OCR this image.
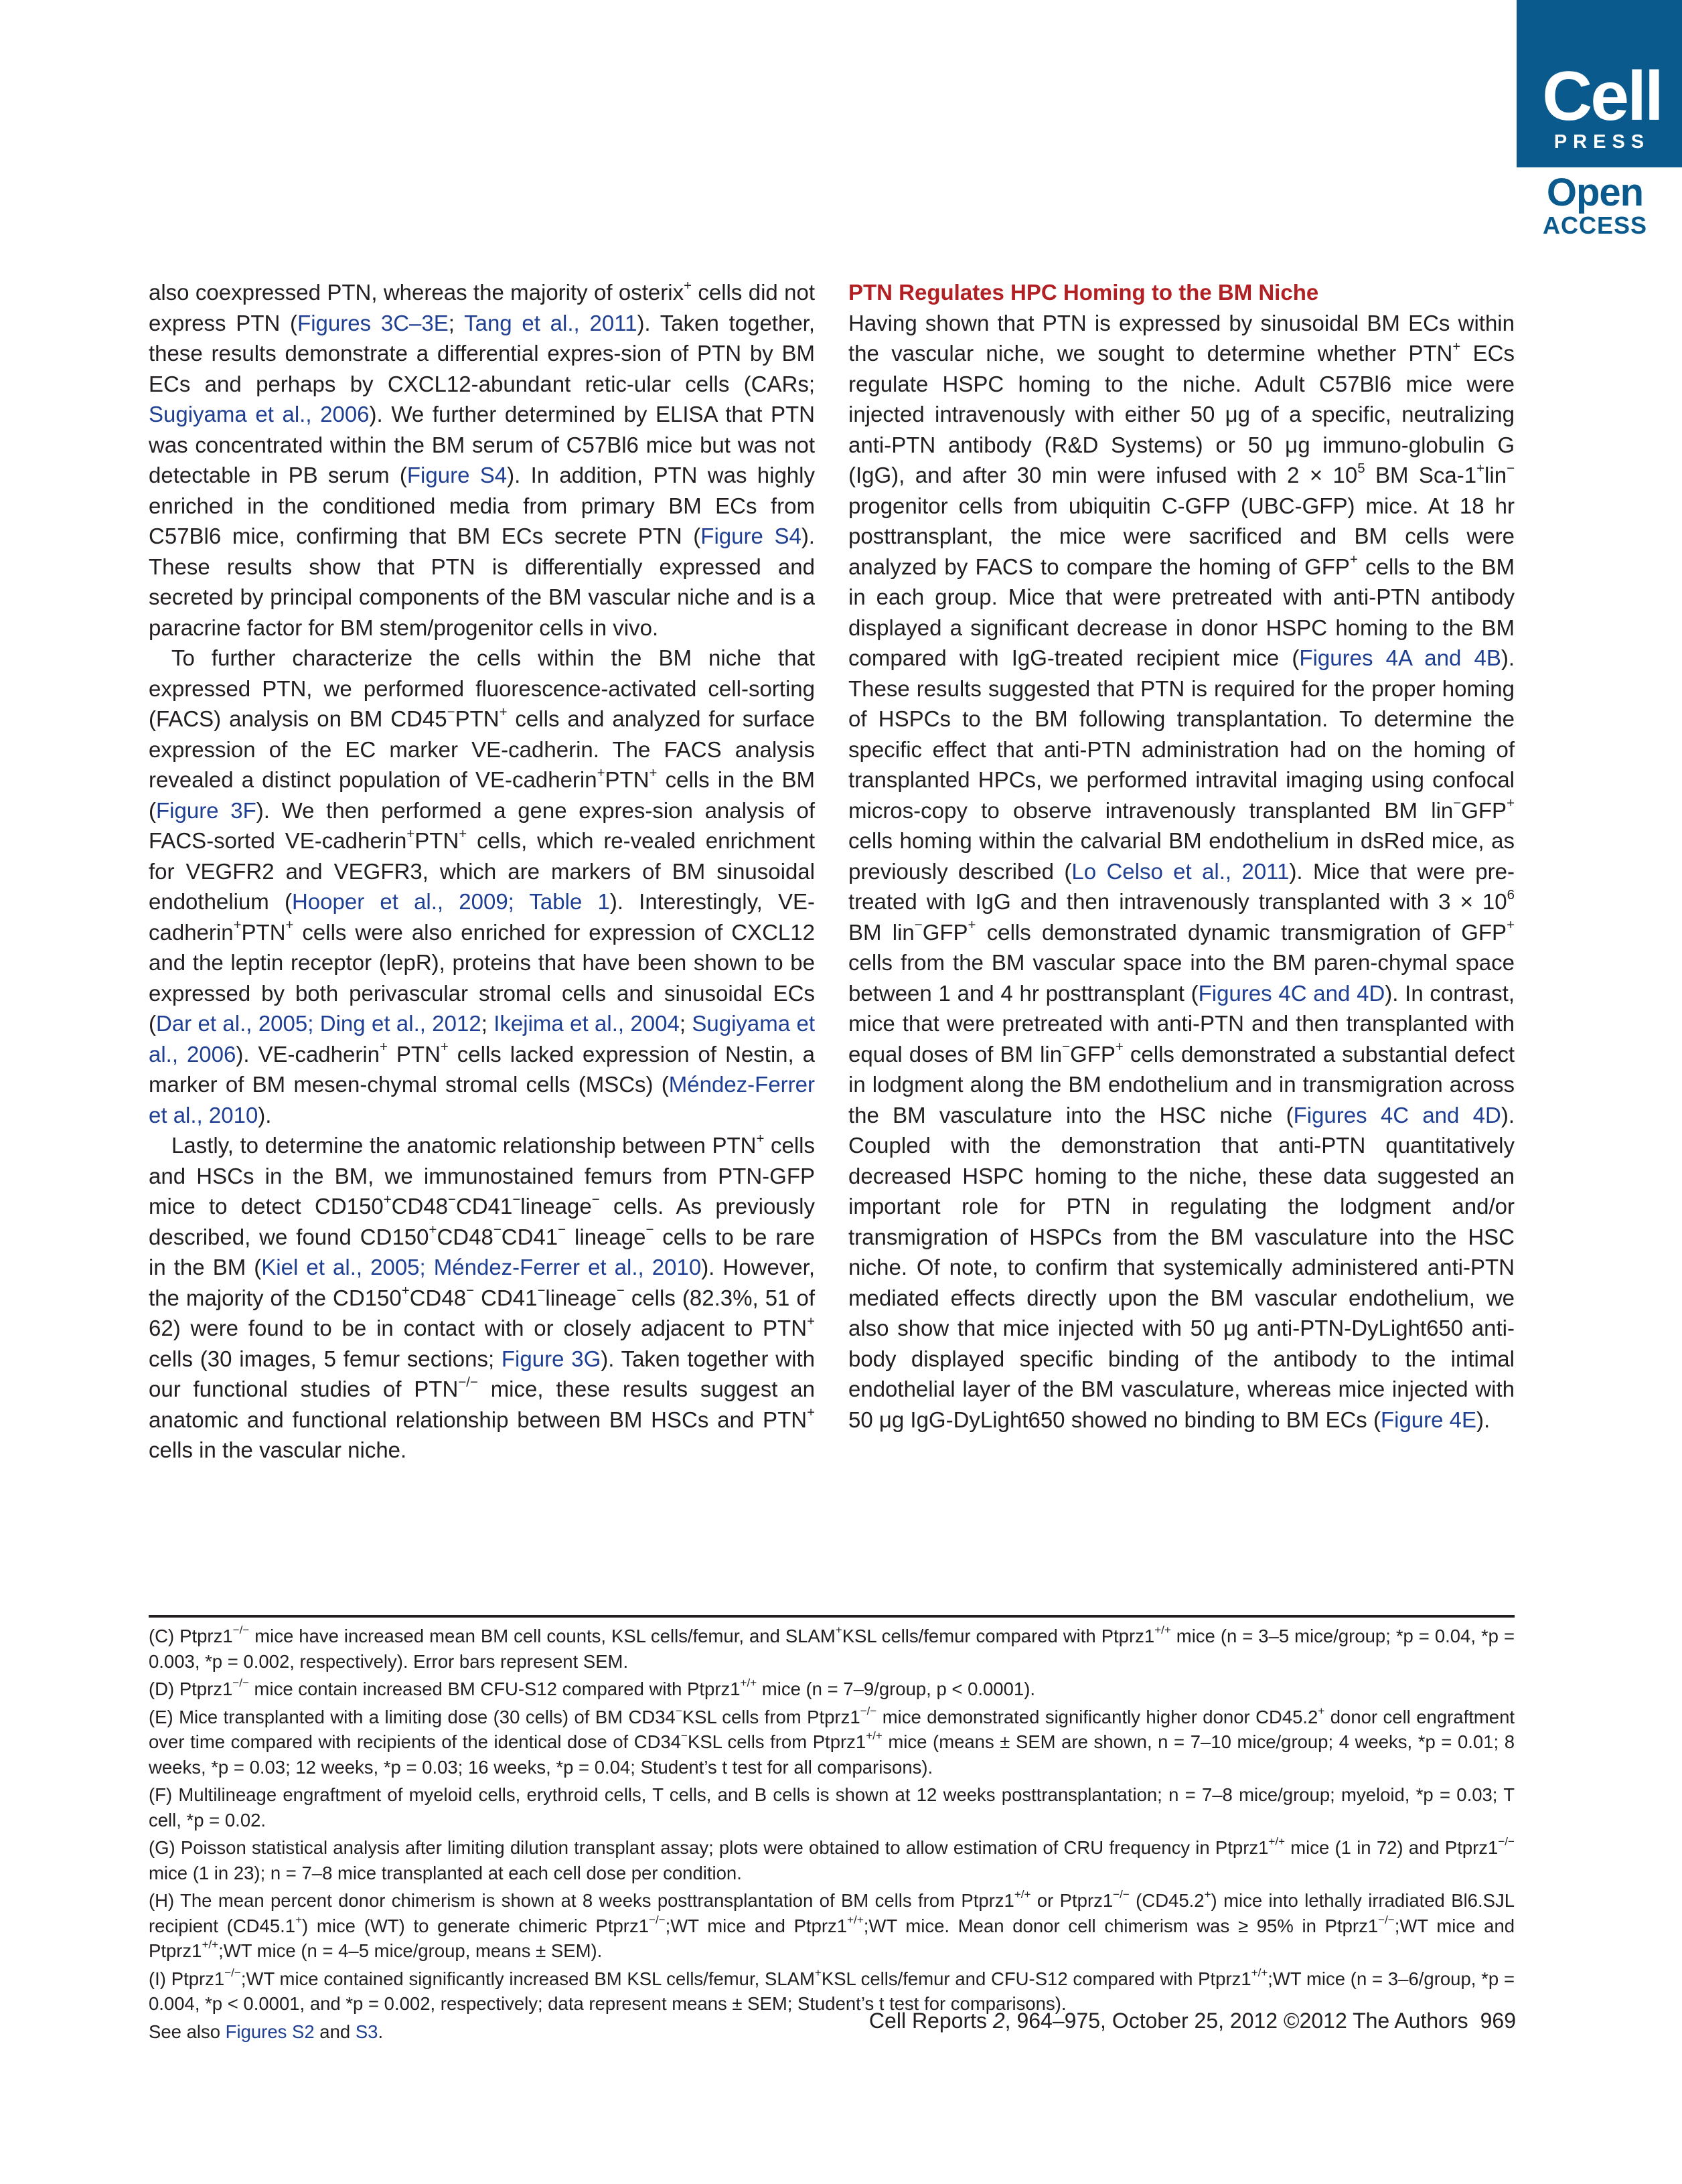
Cell
PRESS
Open
ACCESS

also coexpressed PTN, whereas the majority of osterix+ cells did not express PTN (Figures 3C–3E; Tang et al., 2011). Taken together, these results demonstrate a differential expres-sion of PTN by BM ECs and perhaps by CXCL12-abundant retic-ular cells (CARs; Sugiyama et al., 2006). We further determined by ELISA that PTN was concentrated within the BM serum of C57Bl6 mice but was not detectable in PB serum (Figure S4). In addition, PTN was highly enriched in the conditioned media from primary BM ECs from C57Bl6 mice, confirming that BM ECs secrete PTN (Figure S4). These results show that PTN is differentially expressed and secreted by principal components of the BM vascular niche and is a paracrine factor for BM stem/progenitor cells in vivo.

To further characterize the cells within the BM niche that expressed PTN, we performed fluorescence-activated cell-sorting (FACS) analysis on BM CD45−PTN+ cells and analyzed for surface expression of the EC marker VE-cadherin. The FACS analysis revealed a distinct population of VE-cadherin+PTN+ cells in the BM (Figure 3F). We then performed a gene expres-sion analysis of FACS-sorted VE-cadherin+PTN+ cells, which re-vealed enrichment for VEGFR2 and VEGFR3, which are markers of BM sinusoidal endothelium (Hooper et al., 2009; Table 1). Interestingly, VE-cadherin+PTN+ cells were also enriched for expression of CXCL12 and the leptin receptor (lepR), proteins that have been shown to be expressed by both perivascular stromal cells and sinusoidal ECs (Dar et al., 2005; Ding et al., 2012; Ikejima et al., 2004; Sugiyama et al., 2006). VE-cadherin+ PTN+ cells lacked expression of Nestin, a marker of BM mesen-chymal stromal cells (MSCs) (Méndez-Ferrer et al., 2010).

Lastly, to determine the anatomic relationship between PTN+ cells and HSCs in the BM, we immunostained femurs from PTN-GFP mice to detect CD150+CD48−CD41−lineage− cells. As previously described, we found CD150+CD48−CD41− lineage− cells to be rare in the BM (Kiel et al., 2005; Méndez-Ferrer et al., 2010). However, the majority of the CD150+CD48− CD41−lineage− cells (82.3%, 51 of 62) were found to be in contact with or closely adjacent to PTN+ cells (30 images, 5 femur sections; Figure 3G). Taken together with our functional studies of PTN−/− mice, these results suggest an anatomic and functional relationship between BM HSCs and PTN+ cells in the vascular niche.

PTN Regulates HPC Homing to the BM Niche

Having shown that PTN is expressed by sinusoidal BM ECs within the vascular niche, we sought to determine whether PTN+ ECs regulate HSPC homing to the niche. Adult C57Bl6 mice were injected intravenously with either 50 μg of a specific, neutralizing anti-PTN antibody (R&D Systems) or 50 μg immuno-globulin G (IgG), and after 30 min were infused with $2 \times 10^5$ BM Sca-1+lin− progenitor cells from ubiquitin C-GFP (UBC-GFP) mice. At 18 hr posttransplant, the mice were sacrificed and BM cells were analyzed by FACS to compare the homing of GFP+ cells to the BM in each group. Mice that were pretreated with anti-PTN antibody displayed a significant decrease in donor HSPC homing to the BM compared with IgG-treated recipient mice (Figures 4A and 4B). These results suggested that PTN is required for the proper homing of HSPCs to the BM following transplantation. To determine the specific effect that anti-PTN administration had on the homing of transplanted HPCs, we performed intravital imaging using confocal micros-copy to observe intravenously transplanted BM lin−GFP+ cells homing within the calvarial BM endothelium in dsRed mice, as previously described (Lo Celso et al., 2011). Mice that were pre-treated with IgG and then intravenously transplanted with $3 \times 10^6$ BM lin−GFP+ cells demonstrated dynamic transmigration of GFP+ cells from the BM vascular space into the BM paren-chymal space between 1 and 4 hr posttransplant (Figures 4C and 4D). In contrast, mice that were pretreated with anti-PTN and then transplanted with equal doses of BM lin−GFP+ cells demonstrated a substantial defect in lodgment along the BM endothelium and in transmigration across the BM vasculature into the HSC niche (Figures 4C and 4D). Coupled with the demonstration that anti-PTN quantitatively decreased HSPC homing to the niche, these data suggested an important role for PTN in regulating the lodgment and/or transmigration of HSPCs from the BM vasculature into the HSC niche. Of note, to confirm that systemically administered anti-PTN mediated effects directly upon the BM vascular endothelium, we also show that mice injected with 50 μg anti-PTN-DyLight650 anti-body displayed specific binding of the antibody to the intimal endothelial layer of the BM vasculature, whereas mice injected with 50 μg IgG-DyLight650 showed no binding to BM ECs (Figure 4E).

(C) Ptprz1−/− mice have increased mean BM cell counts, KSL cells/femur, and SLAM+KSL cells/femur compared with Ptprz1+/+ mice (n = 3–5 mice/group; *p = 0.04, *p = 0.003, *p = 0.002, respectively). Error bars represent SEM.

(D) Ptprz1−/− mice contain increased BM CFU-S12 compared with Ptprz1+/+ mice (n = 7–9/group, p < 0.0001).

(E) Mice transplanted with a limiting dose (30 cells) of BM CD34−KSL cells from Ptprz1−/− mice demonstrated significantly higher donor CD45.2+ donor cell engraftment over time compared with recipients of the identical dose of CD34−KSL cells from Ptprz1+/+ mice (means ± SEM are shown, n = 7–10 mice/group; 4 weeks, *p = 0.01; 8 weeks, *p = 0.03; 12 weeks, *p = 0.03; 16 weeks, *p = 0.04; Student’s t test for all comparisons).

(F) Multilineage engraftment of myeloid cells, erythroid cells, T cells, and B cells is shown at 12 weeks posttransplantation; n = 7–8 mice/group; myeloid, *p = 0.03; T cell, *p = 0.02.

(G) Poisson statistical analysis after limiting dilution transplant assay; plots were obtained to allow estimation of CRU frequency in Ptprz1+/+ mice (1 in 72) and Ptprz1−/− mice (1 in 23); n = 7–8 mice transplanted at each cell dose per condition.

(H) The mean percent donor chimerism is shown at 8 weeks posttransplantation of BM cells from Ptprz1+/+ or Ptprz1−/− (CD45.2+) mice into lethally irradiated Bl6.SJL recipient (CD45.1+) mice (WT) to generate chimeric Ptprz1−/−;WT mice and Ptprz1+/+;WT mice. Mean donor cell chimerism was ≥ 95% in Ptprz1−/−;WT mice and Ptprz1+/+;WT mice (n = 4–5 mice/group, means ± SEM).

(I) Ptprz1−/−;WT mice contained significantly increased BM KSL cells/femur, SLAM+KSL cells/femur and CFU-S12 compared with Ptprz1+/+;WT mice (n = 3–6/group, *p = 0.004, *p < 0.0001, and *p = 0.002, respectively; data represent means ± SEM; Student’s t test for comparisons).

See also Figures S2 and S3.	Cell Reports 2, 964–975, October 25, 2012 ©2012 The Authors 969
